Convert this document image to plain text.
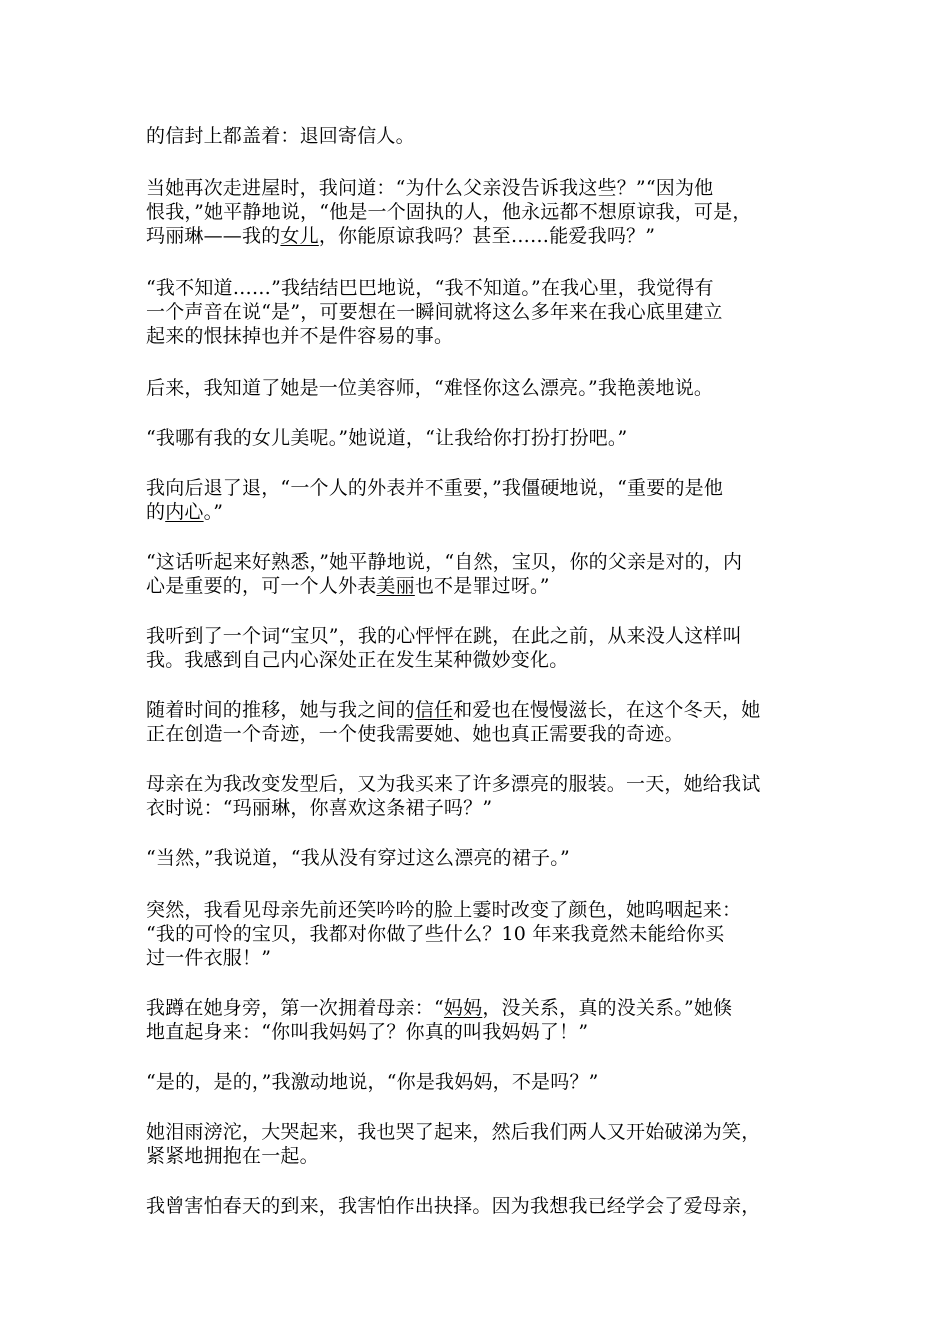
的信封上都盖着：退回寄信人。

当她再次走进屋时，我问道：“为什么父亲没告诉我这些？”“因为他
恨我，”她平静地说，“他是一个固执的人，他永远都不想原谅我，可是，
玛丽琳——我的女儿，你能原谅我吗？甚至……能爱我吗？”

“我不知道……”我结结巴巴地说，“我不知道。”在我心里，我觉得有
一个声音在说“是”，可要想在一瞬间就将这么多年来在我心底里建立
起来的恨抹掉也并不是件容易的事。

后来，我知道了她是一位美容师，“难怪你这么漂亮。”我艳羡地说。

“我哪有我的女儿美呢。”她说道，“让我给你打扮打扮吧。”

我向后退了退，“一个人的外表并不重要，”我僵硬地说，“重要的是他
的内心。”

“这话听起来好熟悉，”她平静地说，“自然，宝贝，你的父亲是对的，内
心是重要的，可一个人外表美丽也不是罪过呀。”

我听到了一个词“宝贝”，我的心怦怦在跳，在此之前，从来没人这样叫
我。我感到自己内心深处正在发生某种微妙变化。

随着时间的推移，她与我之间的信任和爱也在慢慢滋长，在这个冬天，她
正在创造一个奇迹，一个使我需要她、她也真正需要我的奇迹。

母亲在为我改变发型后，又为我买来了许多漂亮的服装。一天，她给我试
衣时说：“玛丽琳，你喜欢这条裙子吗？”

“当然，”我说道，“我从没有穿过这么漂亮的裙子。”

突然，我看见母亲先前还笑吟吟的脸上霎时改变了颜色，她呜咽起来：
“我的可怜的宝贝，我都对你做了些什么？10 年来我竟然未能给你买
过一件衣服！”

我蹲在她身旁，第一次拥着母亲：“妈妈，没关系，真的没关系。”她倏
地直起身来：“你叫我妈妈了？你真的叫我妈妈了！”

“是的，是的，”我激动地说，“你是我妈妈，不是吗？”

她泪雨滂沱，大哭起来，我也哭了起来，然后我们两人又开始破涕为笑，
紧紧地拥抱在一起。

我曾害怕春天的到来，我害怕作出抉择。因为我想我已经学会了爱母亲，
